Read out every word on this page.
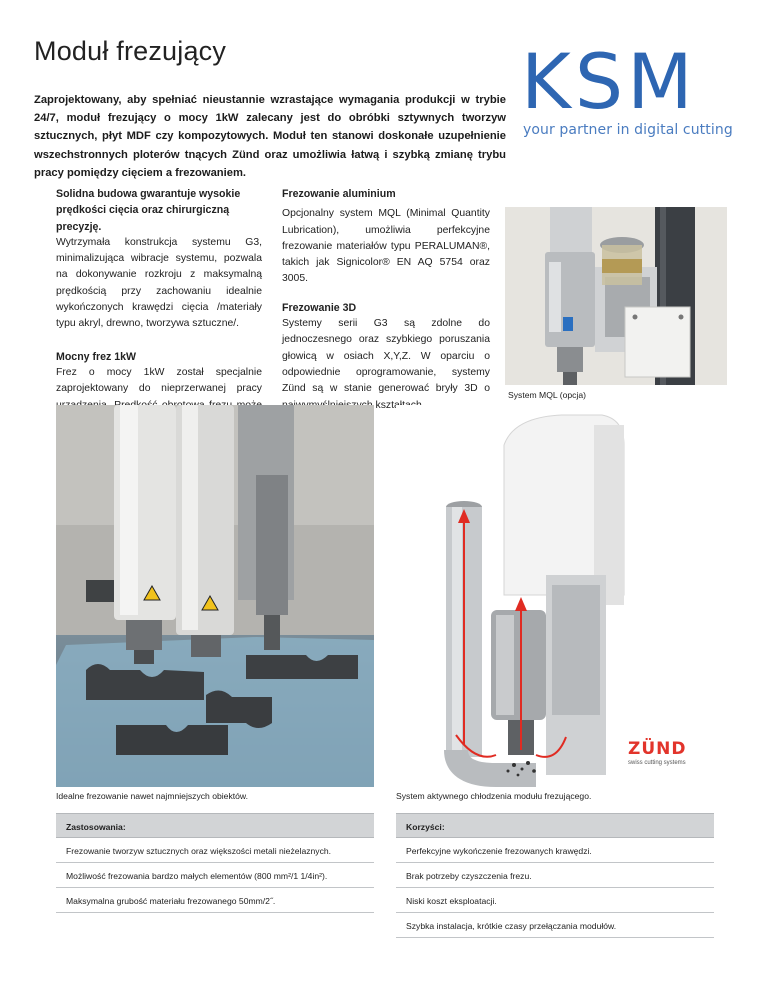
Moduł frezujący	KSM
your partner in digital cutting

Zaprojektowany, aby spełniać nieustannie wzrastające wymagania produkcji w trybie 24/7, moduł frezujący o mocy 1kW zalecany jest do obróbki sztywnych tworzyw sztucznych, płyt MDF czy kompozytowych. Moduł ten stanowi doskonałe uzupełnienie wszechstronnych ploterów tnących Zünd oraz umożliwia łatwą i szybką zmianę trybu pracy pomiędzy cięciem a frezowaniem.

Solidna budowa gwarantuje wysokie prędkości cięcia oraz chirurgiczną precyzję.

Wytrzymała konstrukcja systemu G3, minimalizująca wibracje systemu, pozwala na dokonywanie rozkroju z maksymalną prędkością przy zachowaniu idealnie wykończonych krawędzi cięcia /materiały typu akryl, drewno, tworzywa sztuczne/.

Mocny frez 1kW

Frez o mocy 1kW został specjalnie zaprojektowany do nieprzerwanej pracy

Frezowanie aluminium

Opcjonalny system MQL (Minimal Quantity Lubrication), umożliwia perfekcyjne frezowanie materiałów typu PERALUMAN®, takich jak Signicolor® EN AQ 5754 oraz 3005.

Frezowanie 3D

Systemy serii G3 są zdolne do jednoczesnego oraz szybkiego poruszania głowicą w osiach X,Y,Z. W oparciu o odpowiednie oprogramowanie, systemy Zünd są w stanie generować bryły 3D o

System MQL (opcja)
Idealne frezowanie nawet najmniejszych obiektów.
ZÜND
swiss cutting systems
System aktywnego chłodzenia modułu frezującego.
Zastosowania:
Frezowanie tworzyw sztucznych oraz większości metali nieżelaznych.
Możliwość frezowania bardzo małych elementów (800 mm²/1 1/4in²).
Maksymalna grubość materiału frezowanego 50mm/2˝.
Korzyści:
Perfekcyjne wykończenie frezowanych krawędzi.
Brak potrzeby czyszczenia frezu.
Niski koszt eksploatacji.
Szybka instalacja, krótkie czasy przełączania modułów.
